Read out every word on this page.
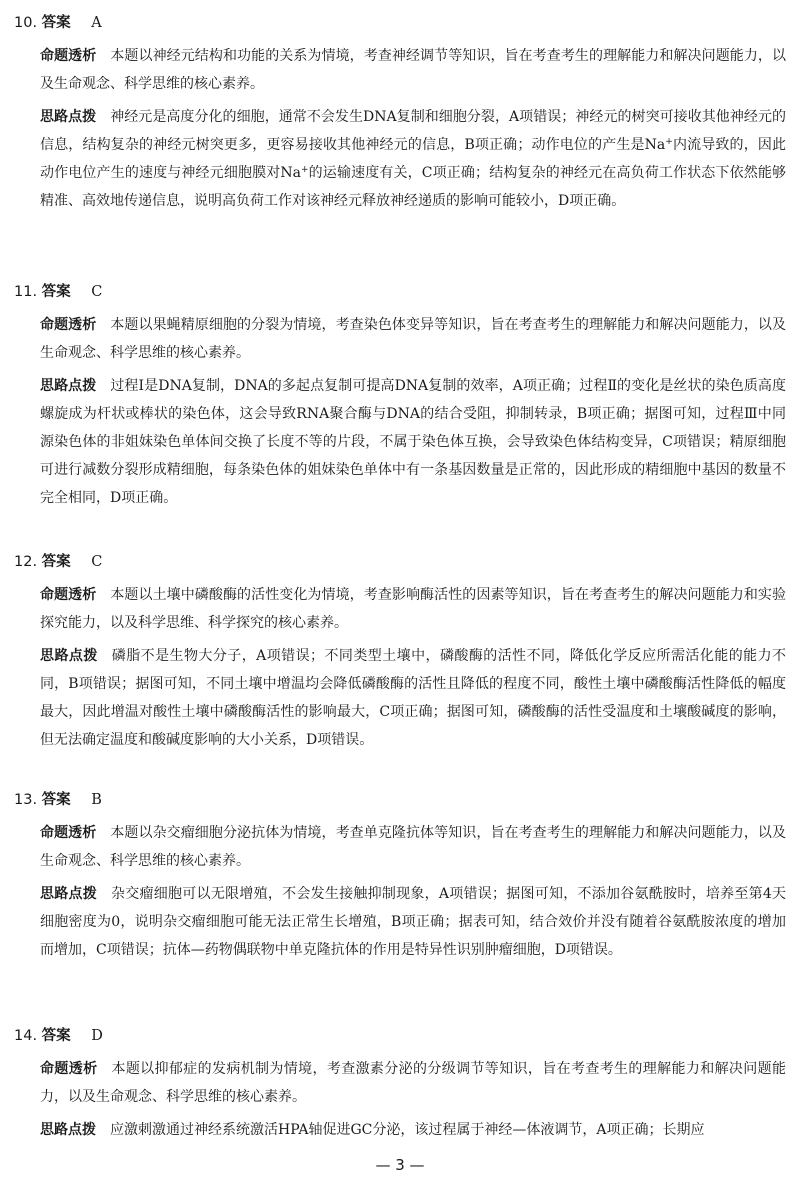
10. 答案 A

命题透析 本题以神经元结构和功能的关系为情境，考查神经调节等知识，旨在考查考生的理解能力和解决问题能力，以及生命观念、科学思维的核心素养。

思路点拨 神经元是高度分化的细胞，通常不会发生DNA复制和细胞分裂，A项错误；神经元的树突可接收其他神经元的信息，结构复杂的神经元树突更多，更容易接收其他神经元的信息，B项正确；动作电位的产生是Na+内流导致的，因此动作电位产生的速度与神经元细胞膜对Na+的运输速度有关，C项正确；结构复杂的神经元在高负荷工作状态下依然能够精准、高效地传递信息，说明高负荷工作对该神经元释放神经递质的影响可能较小，D项正确。

11. 答案 C

命题透析 本题以果蝇精原细胞的分裂为情境，考查染色体变异等知识，旨在考查考生的理解能力和解决问题能力，以及生命观念、科学思维的核心素养。

思路点拨 过程Ⅰ是DNA复制，DNA的多起点复制可提高DNA复制的效率，A项正确；过程Ⅱ的变化是丝状的染色质高度螺旋成为杆状或棒状的染色体，这会导致RNA聚合酶与DNA的结合受阻，抑制转录，B项正确；据图可知，过程Ⅲ中同源染色体的非姐妹染色单体间交换了长度不等的片段，不属于染色体互换，会导致染色体结构变异，C项错误；精原细胞可进行减数分裂形成精细胞，每条染色体的姐妹染色单体中有一条基因数量是正常的，因此形成的精细胞中基因的数量不完全相同，D项正确。

12. 答案 C

命题透析 本题以土壤中磷酸酶的活性变化为情境，考查影响酶活性的因素等知识，旨在考查考生的解决问题能力和实验探究能力，以及科学思维、科学探究的核心素养。

思路点拨 磷脂不是生物大分子，A项错误；不同类型土壤中，磷酸酶的活性不同，降低化学反应所需活化能的能力不同，B项错误；据图可知，不同土壤中增温均会降低磷酸酶的活性且降低的程度不同，酸性土壤中磷酸酶活性降低的幅度最大，因此增温对酸性土壤中磷酸酶活性的影响最大，C项正确；据图可知，磷酸酶的活性受温度和土壤酸碱度的影响，但无法确定温度和酸碱度影响的大小关系，D项错误。

13. 答案 B

命题透析 本题以杂交瘤细胞分泌抗体为情境，考查单克隆抗体等知识，旨在考查考生的理解能力和解决问题能力，以及生命观念、科学思维的核心素养。

思路点拨 杂交瘤细胞可以无限增殖，不会发生接触抑制现象，A项错误；据图可知，不添加谷氨酰胺时，培养至第4天细胞密度为0，说明杂交瘤细胞可能无法正常生长增殖，B项正确；据表可知，结合效价并没有随着谷氨酰胺浓度的增加而增加，C项错误；抗体—药物偶联物中单克隆抗体的作用是特异性识别肿瘤细胞，D项错误。

14. 答案 D

命题透析 本题以抑郁症的发病机制为情境，考查激素分泌的分级调节等知识，旨在考查考生的理解能力和解决问题能力，以及生命观念、科学思维的核心素养。

思路点拨 应激刺激通过神经系统激活HPA轴促进GC分泌，该过程属于神经—体液调节，A项正确；长期应

— 3 —
